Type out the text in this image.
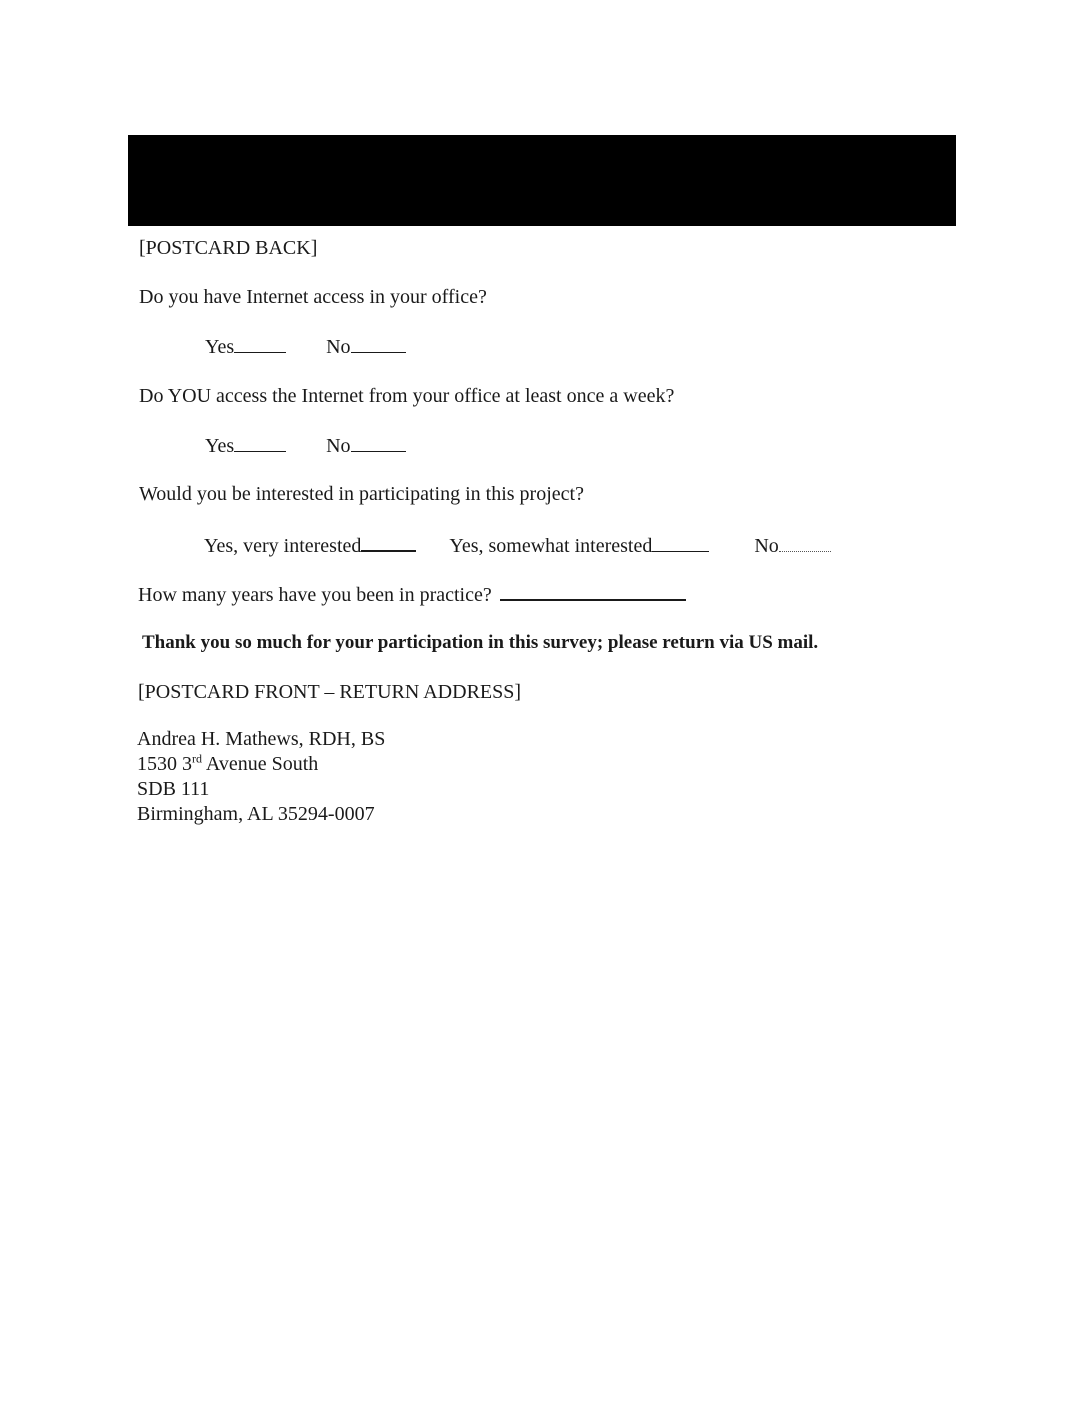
[POSTCARD BACK]
Do you have Internet access in your office?
Yes	No
Do YOU access the Internet from your office at least once a week?
Yes	No
Would you be interested in participating in this project?
Yes, very interested	Yes, somewhat interested	No
How many years have you been in practice?
Thank you so much for your participation in this survey; please return via US mail.
[POSTCARD FRONT – RETURN ADDRESS]
Andrea H. Mathews, RDH, BS
1530 3rd Avenue South
SDB 111
Birmingham, AL 35294-0007
